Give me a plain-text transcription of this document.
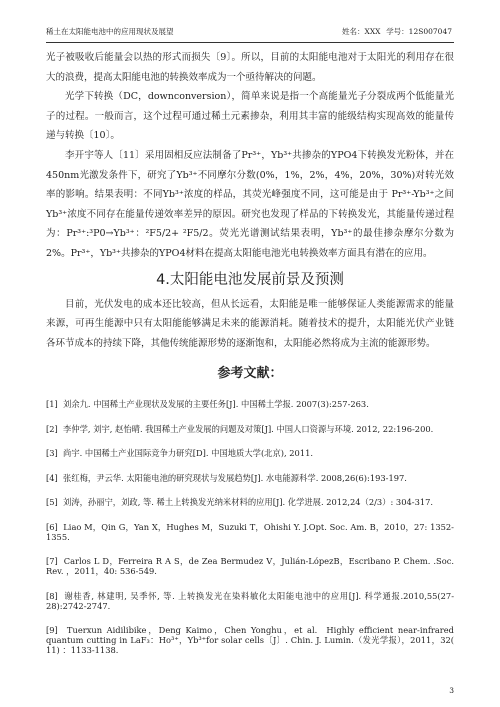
稀土在太阳能电池中的应用现状及展望	姓名：XXX 学号：12S007047

光子被吸收后能量会以热的形式而损失〔9〕。所以，目前的太阳能电池对于太阳光的利用存在很大的浪费，提高太阳能电池的转换效率成为一个亟待解决的问题。

光学下转换（DC，downconversion），简单来说是指一个高能量光子分裂成两个低能量光子的过程。一般而言，这个过程可通过稀土元素掺杂，利用其丰富的能级结构实现高效的能量传递与转换〔10〕。

李开宇等人〔11〕采用固相反应法制备了Pr³⁺，Yb³⁺共掺杂的YPO4下转换发光粉体，并在450nm光激发条件下，研究了Yb³⁺不同摩尔分数(0%，1%，2%，4%，20%，30%)对转光效率的影响。结果表明：不同Yb³⁺浓度的样品，其荧光峰强度不同，这可能是由于 Pr³⁺-Yb³⁺之间Yb³⁺浓度不同存在能量传递效率差异的原因。研究也发现了样品的下转换发光，其能量传递过程为：Pr³⁺:³P0→Yb³⁺：²F5/2+ ²F5/2。荧光光谱测试结果表明，Yb³⁺的最佳掺杂摩尔分数为2%。Pr³⁺，Yb³⁺共掺杂的YPO4材料在提高太阳能电池光电转换效率方面具有潜在的应用。

4.太阳能电池发展前景及预测

目前，光伏发电的成本还比较高，但从长远看，太阳能是唯一能够保证人类能源需求的能量来源，可再生能源中只有太阳能能够满足未来的能源消耗。随着技术的提升，太阳能光伏产业链各环节成本的持续下降，其他传统能源形势的逐渐饱和，太阳能必然将成为主流的能源形势。

参考文献：

[1]  刘余九. 中国稀土产业现状及发展的主要任务[J]. 中国稀土学报. 2007(3):257-263.

[2]  李仲学, 刘宇, 赵怡晴. 我国稀土产业发展的问题及对策[J]. 中国人口资源与环境. 2012, 22:196-200.

[3]  尚宇. 中国稀土产业国际竞争力研究[D]. 中国地质大学(北京), 2011.

[4]  张红梅，尹云华. 太阳能电池的研究现状与发展趋势[J]. 水电能源科学. 2008,26(6):193-197.

[5]  刘涛，孙丽宁，刘政, 等. 稀土上转换发光纳米材料的应用[J]. 化学进展. 2012,24（2/3）: 304-317.

[6]  Liao M，Qin G，Yan X，Hughes M，Suzuki T，Ohishi Y. J.Opt. Soc. Am. B，2010，27: 1352-1355.

[7]  Carlos L D，Ferreira R A S，de Zea Bermudez V，Julián-LópezB，Escribano P. Chem. .Soc. Rev. ，2011，40: 536-549.

[8]  谢桂香, 林建明, 吴季怀, 等. 上转换发光在染料敏化太阳能电池中的应用[J]. 科学通报.2010,55(27-28):2742-2747.

[9]  Tuerxun Aidilibike，Deng Kaimo，Chen Yonghu，et al.  Highly efficient near-infrared quantum cutting in LaF₃：Ho³⁺，Yb³⁺for solar cells〔J〕. Chin. J. Lumin.（发光学报），2011，32( 11) ：1133-1138.

3
